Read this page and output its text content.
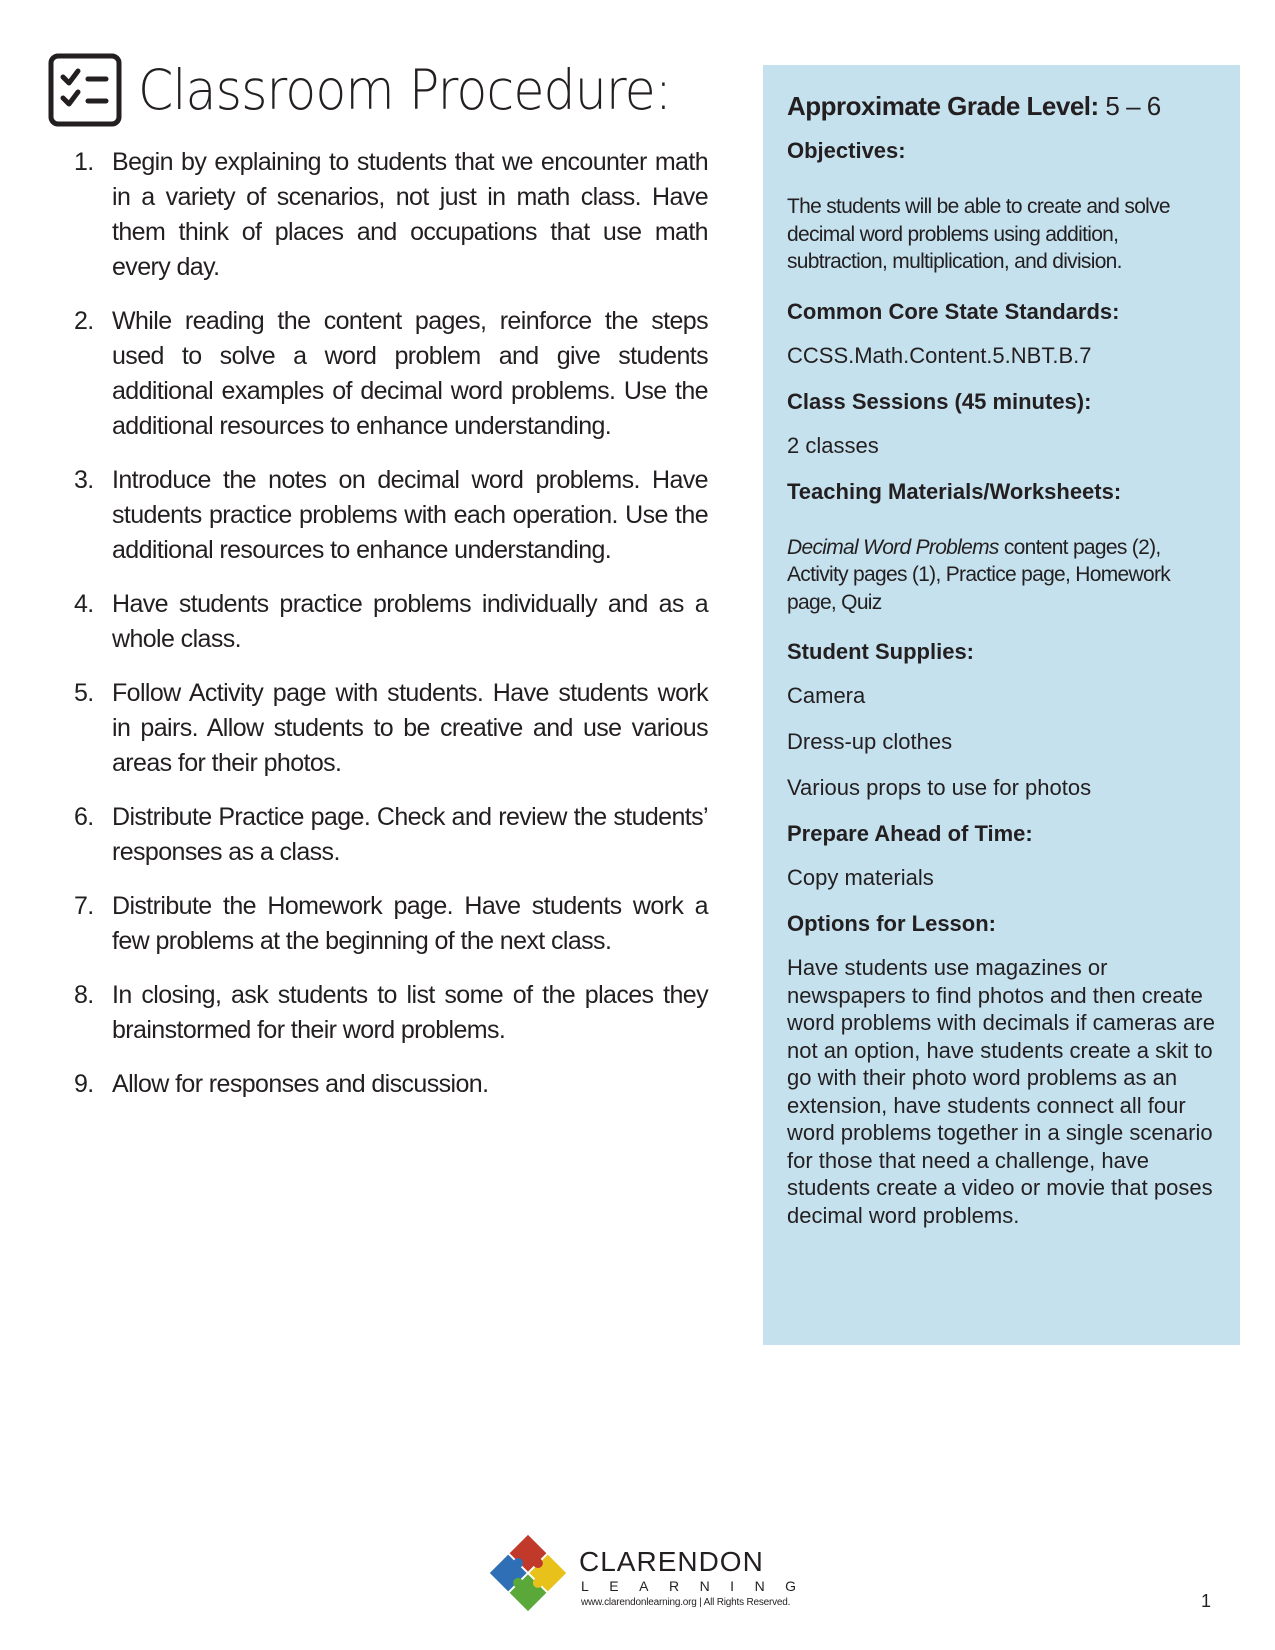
Classroom Procedure:
1. Begin by explaining to students that we encounter math in a variety of scenarios, not just in math class. Have them think of places and occupations that use math every day.
2. While reading the content pages, reinforce the steps used to solve a word problem and give students additional examples of decimal word problems. Use the additional resources to enhance understanding.
3. Introduce the notes on decimal word problems. Have students practice problems with each operation. Use the additional resources to enhance understanding.
4. Have students practice problems individually and as a whole class.
5. Follow Activity page with students. Have students work in pairs. Allow students to be creative and use various areas for their photos.
6. Distribute Practice page. Check and review the students’ responses as a class.
7. Distribute the Homework page. Have students work a few problems at the beginning of the next class.
8. In closing, ask students to list some of the places they brainstormed for their word problems.
9. Allow for responses and discussion.

Approximate Grade Level: 5 – 6

Objectives:

The students will be able to create and solve decimal word problems using addition, subtraction, multiplication, and division.

Common Core State Standards:

CCSS.Math.Content.5.NBT.B.7

Class Sessions (45 minutes):

2 classes

Teaching Materials/Worksheets:

Decimal Word Problems content pages (2), Activity pages (1), Practice page, Homework page, Quiz

Student Supplies:

Camera

Dress-up clothes

Various props to use for photos

Prepare Ahead of Time:

Copy materials

Options for Lesson:

Have students use magazines or newspapers to find photos and then create word problems with decimals if cameras are not an option, have students create a skit to go with their photo word problems as an extension, have students connect all four word problems together in a single scenario for those that need a challenge, have students create a video or movie that poses decimal word problems.

CLARENDON
LEARNING
www.clarendonlearning.org | All Rights Reserved.	1
